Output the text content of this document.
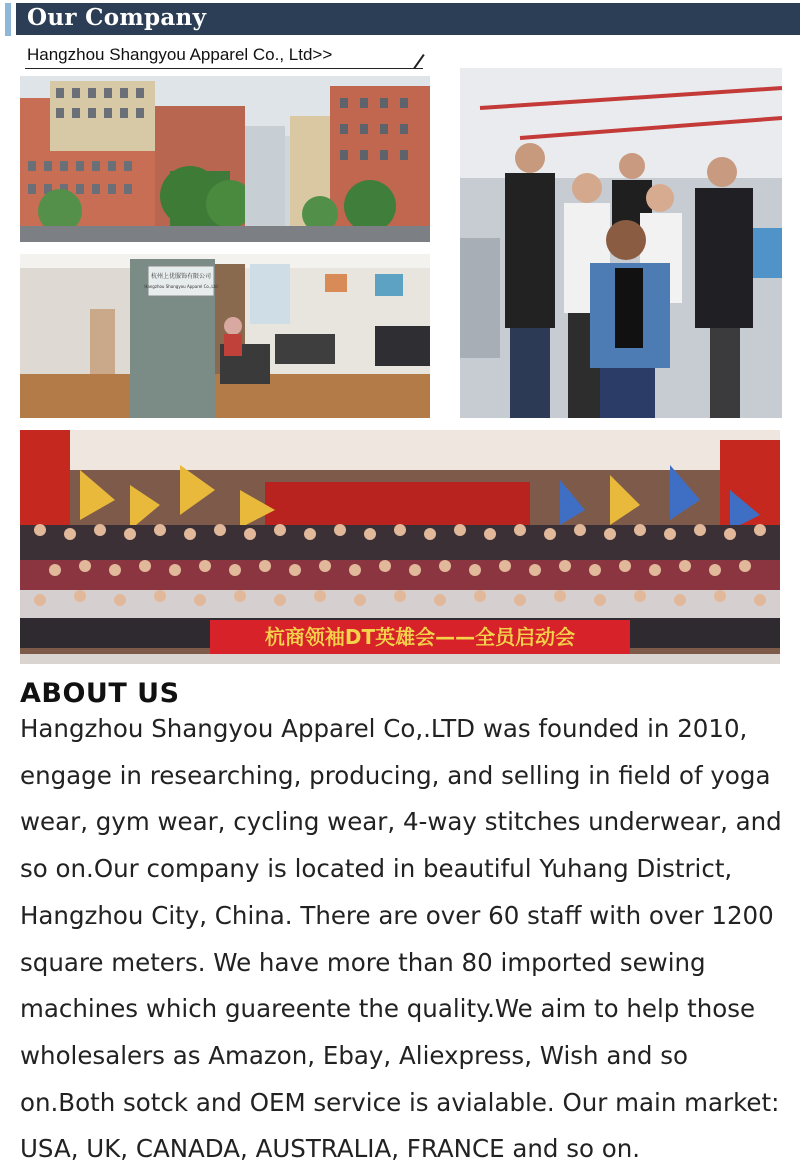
Our Company
Hangzhou Shangyou Apparel Co., Ltd>>
杭州上优服饰有限公司
Hangzhou Shangyou Apparel Co.,Ltd
杭商领袖DT英雄会——全员启动会
ABOUT US
Hangzhou Shangyou Apparel Co,.LTD was founded in 2010,
engage in researching, producing, and selling in field of yoga
wear, gym wear, cycling wear, 4-way stitches underwear, and
so on.Our company is located in beautiful Yuhang District,
Hangzhou City, China. There are over 60 staff with over 1200
square meters. We have more than 80 imported sewing
machines which guareente the quality.We aim to help those
wholesalers as Amazon, Ebay, Aliexpress, Wish and so
on.Both sotck and OEM service is avialable. Our main market:
USA, UK, CANADA, AUSTRALIA, FRANCE and so on.
